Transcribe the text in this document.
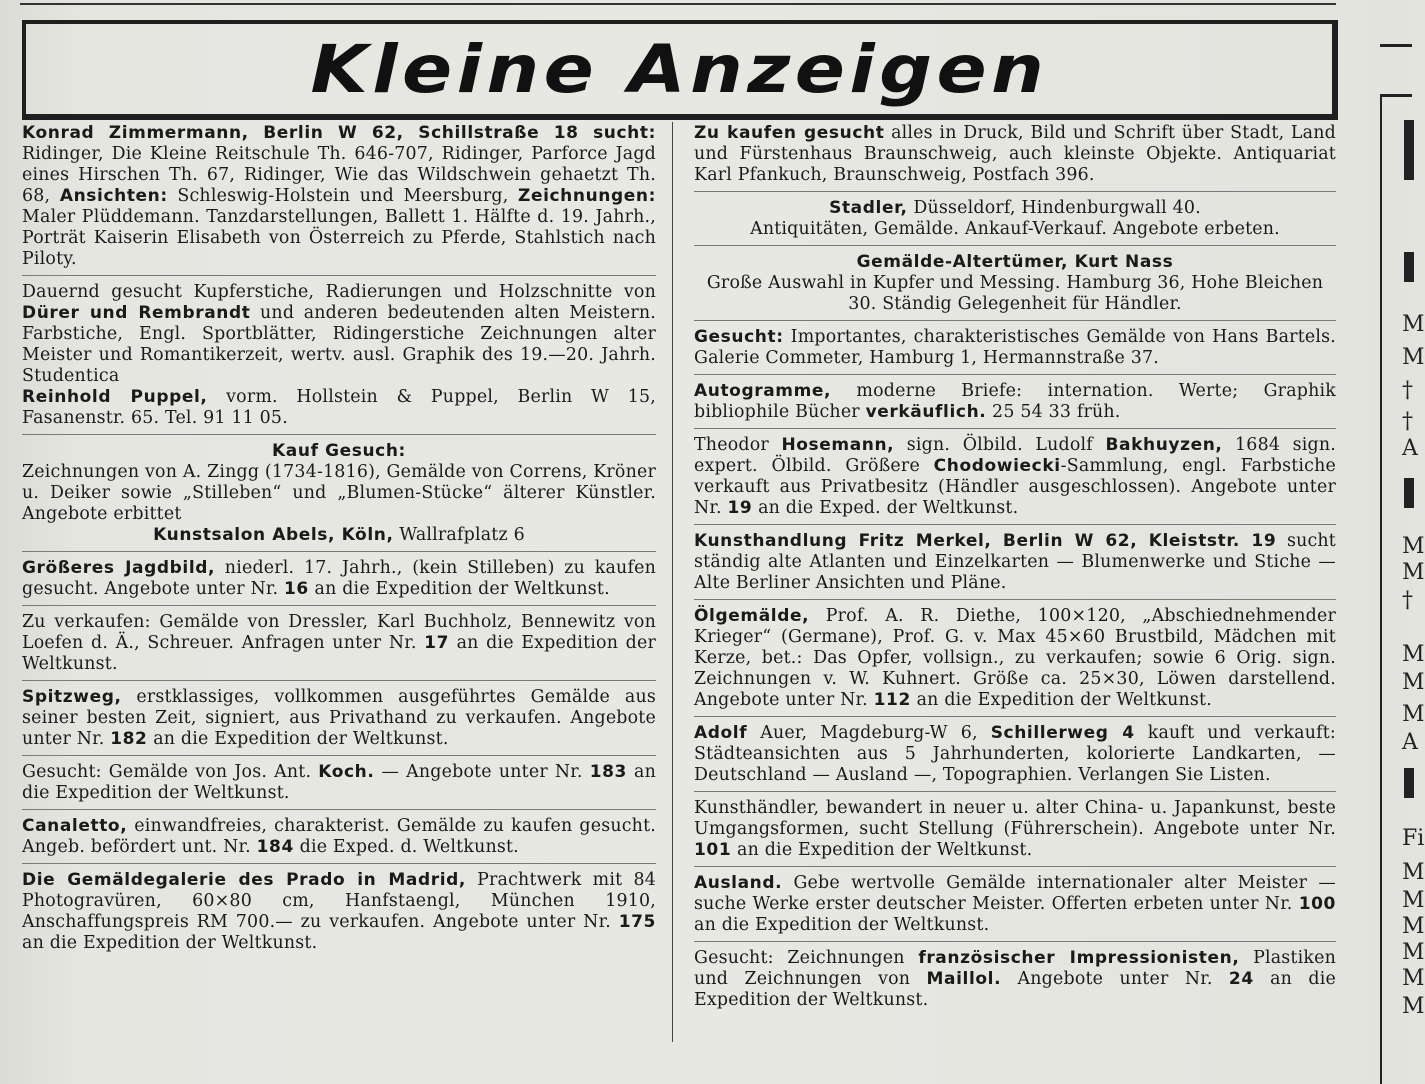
Kleine Anzeigen

Konrad Zimmermann, Berlin W 62, Schillstraße 18 sucht: Ridinger, Die Kleine Reitschule Th. 646-707, Ridinger, Parforce Jagd eines Hirschen Th. 67, Ridinger, Wie das Wildschwein gehaetzt Th. 68, Ansichten: Schleswig-Holstein und Meersburg, Zeichnungen: Maler Plüddemann. Tanzdarstellungen, Ballett 1. Hälfte d. 19. Jahrh., Porträt Kaiserin Elisabeth von Österreich zu Pferde, Stahlstich nach Piloty.

Dauernd gesucht Kupferstiche, Radierungen und Holzschnitte von Dürer und Rembrandt und anderen bedeutenden alten Meistern. Farbstiche, Engl. Sportblätter, Ridingerstiche Zeichnungen alter Meister und Romantikerzeit, wertv. ausl. Graphik des 19.—20. Jahrh. Studentica

Reinhold Puppel, vorm. Hollstein & Puppel, Berlin W 15, Fasanenstr. 65. Tel. 91 11 05.

Kauf Gesuch:

Zeichnungen von A. Zingg (1734-1816), Gemälde von Correns, Kröner u. Deiker sowie „Stilleben“ und „Blumen-Stücke“ älterer Künstler. Angebote erbittet

Kunstsalon Abels, Köln, Wallrafplatz 6

Größeres Jagdbild, niederl. 17. Jahrh., (kein Stilleben) zu kaufen gesucht. Angebote unter Nr. 16 an die Expedition der Weltkunst.

Zu verkaufen: Gemälde von Dressler, Karl Buchholz, Bennewitz von Loefen d. Ä., Schreuer. Anfragen unter Nr. 17 an die Expedition der Weltkunst.

Spitzweg, erstklassiges, vollkommen ausgeführtes Gemälde aus seiner besten Zeit, signiert, aus Privathand zu verkaufen. Angebote unter Nr. 182 an die Expedition der Weltkunst.

Gesucht: Gemälde von Jos. Ant. Koch. — Angebote unter Nr. 183 an die Expedition der Weltkunst.

Canaletto, einwandfreies, charakterist. Gemälde zu kaufen gesucht. Angeb. befördert unt. Nr. 184 die Exped. d. Weltkunst.

Die Gemäldegalerie des Prado in Madrid, Prachtwerk mit 84 Photogravüren, 60×80 cm, Hanfstaengl, München 1910, Anschaffungspreis RM 700.— zu verkaufen. Angebote unter Nr. 175 an die Expedition der Weltkunst.

Zu kaufen gesucht alles in Druck, Bild und Schrift über Stadt, Land und Fürstenhaus Braunschweig, auch kleinste Objekte. Antiquariat Karl Pfankuch, Braunschweig, Postfach 396.

Stadler, Düsseldorf, Hindenburgwall 40.

Antiquitäten, Gemälde. Ankauf-Verkauf. Angebote erbeten.

Gemälde-Altertümer, Kurt Nass

Große Auswahl in Kupfer und Messing. Hamburg 36, Hohe Bleichen 30. Ständig Gelegenheit für Händler.

Gesucht: Importantes, charakteristisches Gemälde von Hans Bartels. Galerie Commeter, Hamburg 1, Hermannstraße 37.

Autogramme, moderne Briefe: internation. Werte; Graphik bibliophile Bücher verkäuflich. 25 54 33 früh.

Theodor Hosemann, sign. Ölbild. Ludolf Bakhuyzen, 1684 sign. expert. Ölbild. Größere Chodowiecki-Sammlung, engl. Farbstiche verkauft aus Privatbesitz (Händler ausgeschlossen). Angebote unter Nr. 19 an die Exped. der Weltkunst.

Kunsthandlung Fritz Merkel, Berlin W 62, Kleiststr. 19 sucht ständig alte Atlanten und Einzelkarten — Blumenwerke und Stiche — Alte Berliner Ansichten und Pläne.

Ölgemälde, Prof. A. R. Diethe, 100×120, „Abschiednehmender Krieger“ (Germane), Prof. G. v. Max 45×60 Brustbild, Mädchen mit Kerze, bet.: Das Opfer, vollsign., zu verkaufen; sowie 6 Orig. sign. Zeichnungen v. W. Kuhnert. Größe ca. 25×30, Löwen darstellend. Angebote unter Nr. 112 an die Expedition der Weltkunst.

Adolf Auer, Magdeburg-W 6, Schillerweg 4 kauft und verkauft: Städteansichten aus 5 Jahrhunderten, kolorierte Landkarten, — Deutschland — Ausland —, Topographien. Verlangen Sie Listen.

Kunsthändler, bewandert in neuer u. alter China- u. Japankunst, beste Umgangsformen, sucht Stellung (Führerschein). Angebote unter Nr. 101 an die Expedition der Weltkunst.

Ausland. Gebe wertvolle Gemälde internationaler alter Meister — suche Werke erster deutscher Meister. Offerten erbeten unter Nr. 100 an die Expedition der Weltkunst.

Gesucht: Zeichnungen französischer Impressionisten, Plastiken und Zeichnungen von Maillol. Angebote unter Nr. 24 an die Expedition der Weltkunst.

M
M
†
†
A
M
M
†
M
M
M
A
Fi
M
M
M
M
M
M
